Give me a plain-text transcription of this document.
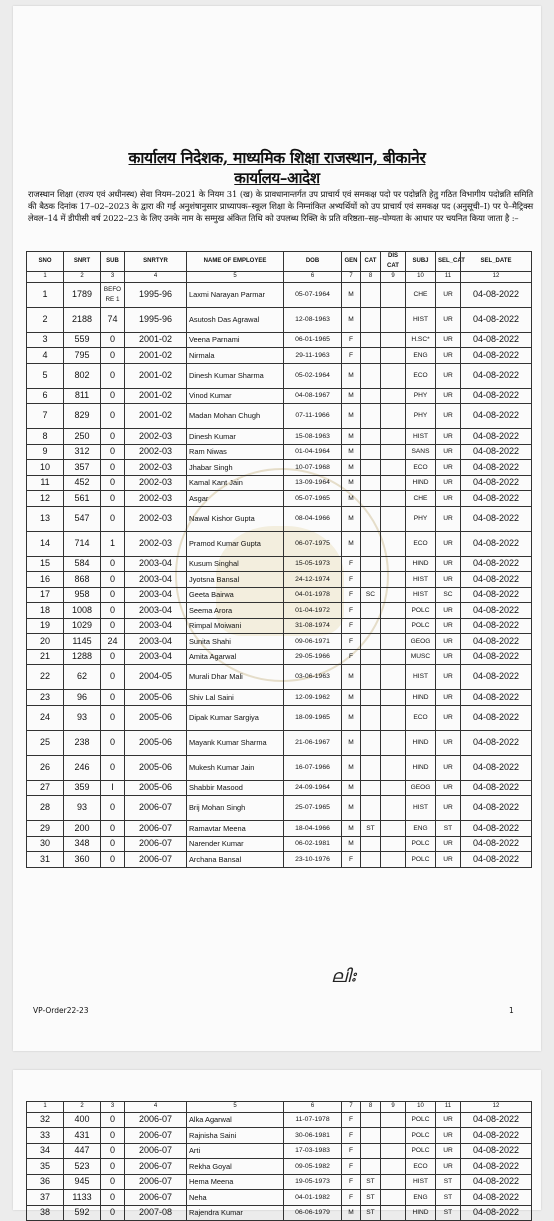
कार्यालय निदेशक, माध्यमिक शिक्षा राजस्थान, बीकानेर
कार्यालय–आदेश
राजस्थान शिक्षा (राज्य एवं अधीनस्थ) सेवा नियम–2021 के नियम 31 (ख) के प्रावधानान्तर्गत उप प्राचार्य एवं समकक्ष पदो पर पदोन्नति हेतु गठित विभागीय पदोन्नति समिति की बैठक दिनांक 17–02–2023 के द्वारा की गई अनुशंषानुसार प्राध्यापक–स्कूल शिक्षा के निम्नांकित अभ्यर्थियों को उप प्राचार्य एवं समकक्ष पद (अनुसूची–I) पर पे–मैट्रिक्स लेवल–14 में डीपीसी वर्ष 2022–23 के लिए उनके नाम के सम्मुख अंकित तिथि को उपलब्ध रिक्ति के प्रति वरिष्ठता–सह–योग्यता के आधार पर चयनित किया जाता है :–
SNO	SNRT	SUB	SNRTYR	NAME OF EMPLOYEE	DOB	GEN	CAT	DIS CAT	SUBJ	SEL_CAT	SEL_DATE
1	2	3	4	5	6	7	8	9	10	11	12
1	1789	BEFO RE 1	1995-96	Laxmi Narayan Parmar	05-07-1964	M			CHE	UR	04-08-2022
2	2188	74	1995-96	Asutosh Das Agrawal	12-08-1963	M			HIST	UR	04-08-2022
3	559	0	2001-02	Veena Parnami	06-01-1965	F			H.SC*	UR	04-08-2022
4	795	0	2001-02	Nirmala	29-11-1963	F			ENG	UR	04-08-2022
5	802	0	2001-02	Dinesh Kumar Sharma	05-02-1964	M			ECO	UR	04-08-2022
6	811	0	2001-02	Vinod Kumar	04-08-1967	M			PHY	UR	04-08-2022
7	829	0	2001-02	Madan Mohan Chugh	07-11-1966	M			PHY	UR	04-08-2022
8	250	0	2002-03	Dinesh Kumar	15-08-1963	M			HIST	UR	04-08-2022
9	312	0	2002-03	Ram Niwas	01-04-1964	M			SANS	UR	04-08-2022
10	357	0	2002-03	Jhabar Singh	10-07-1968	M			ECO	UR	04-08-2022
11	452	0	2002-03	Kamal Kant Jain	13-09-1964	M			HIND	UR	04-08-2022
12	561	0	2002-03	Asgar	05-07-1965	M			CHE	UR	04-08-2022
13	547	0	2002-03	Nawal Kishor Gupta	08-04-1966	M			PHY	UR	04-08-2022
14	714	1	2002-03	Pramod Kumar Gupta	06-07-1975	M			ECO	UR	04-08-2022
15	584	0	2003-04	Kusum Singhal	15-05-1973	F			HIND	UR	04-08-2022
16	868	0	2003-04	Jyotsna Bansal	24-12-1974	F			HIST	UR	04-08-2022
17	958	0	2003-04	Geeta Bairwa	04-01-1978	F	SC		HIST	SC	04-08-2022
18	1008	0	2003-04	Seema Arora	01-04-1972	F			POLC	UR	04-08-2022
19	1029	0	2003-04	Rimpal Moiwani	31-08-1974	F			POLC	UR	04-08-2022
20	1145	24	2003-04	Sunita Shahi	09-06-1971	F			GEOG	UR	04-08-2022
21	1288	0	2003-04	Amita Agarwal	29-05-1966	F			MUSC	UR	04-08-2022
22	62	0	2004-05	Murali Dhar Mali	03-06-1963	M			HIST	UR	04-08-2022
23	96	0	2005-06	Shiv Lal Saini	12-09-1962	M			HIND	UR	04-08-2022
24	93	0	2005-06	Dipak Kumar Sargiya	18-09-1965	M			ECO	UR	04-08-2022
25	238	0	2005-06	Mayank Kumar Sharma	21-06-1967	M			HIND	UR	04-08-2022
26	246	0	2005-06	Mukesh Kumar Jain	16-07-1966	M			HIND	UR	04-08-2022
27	359	I	2005-06	Shabbir Masood	24-09-1964	M			GEOG	UR	04-08-2022
28	93	0	2006-07	Brij Mohan Singh	25-07-1965	M			HIST	UR	04-08-2022
29	200	0	2006-07	Ramavtar Meena	18-04-1966	M	ST		ENG	ST	04-08-2022
30	348	0	2006-07	Narender Kumar	06-02-1981	M			POLC	UR	04-08-2022
31	360	0	2006-07	Archana Bansal	23-10-1976	F			POLC	UR	04-08-2022
ലിഃ
VP-Order22-23	1
1	2	3	4	5	6	7	8	9	10	11	12
32	400	0	2006-07	Alka Agarwal	11-07-1978	F			POLC	UR	04-08-2022
33	431	0	2006-07	Rajnisha Saini	30-06-1981	F			POLC	UR	04-08-2022
34	447	0	2006-07	Arti	17-03-1983	F			POLC	UR	04-08-2022
35	523	0	2006-07	Rekha Goyal	09-05-1982	F			ECO	UR	04-08-2022
36	945	0	2006-07	Hema Meena	19-05-1973	F	ST		HIST	ST	04-08-2022
37	1133	0	2006-07	Neha	04-01-1982	F	ST		ENG	ST	04-08-2022
38	592	0	2007-08	Rajendra Kumar	06-06-1979	M	ST		HIND	ST	04-08-2022
